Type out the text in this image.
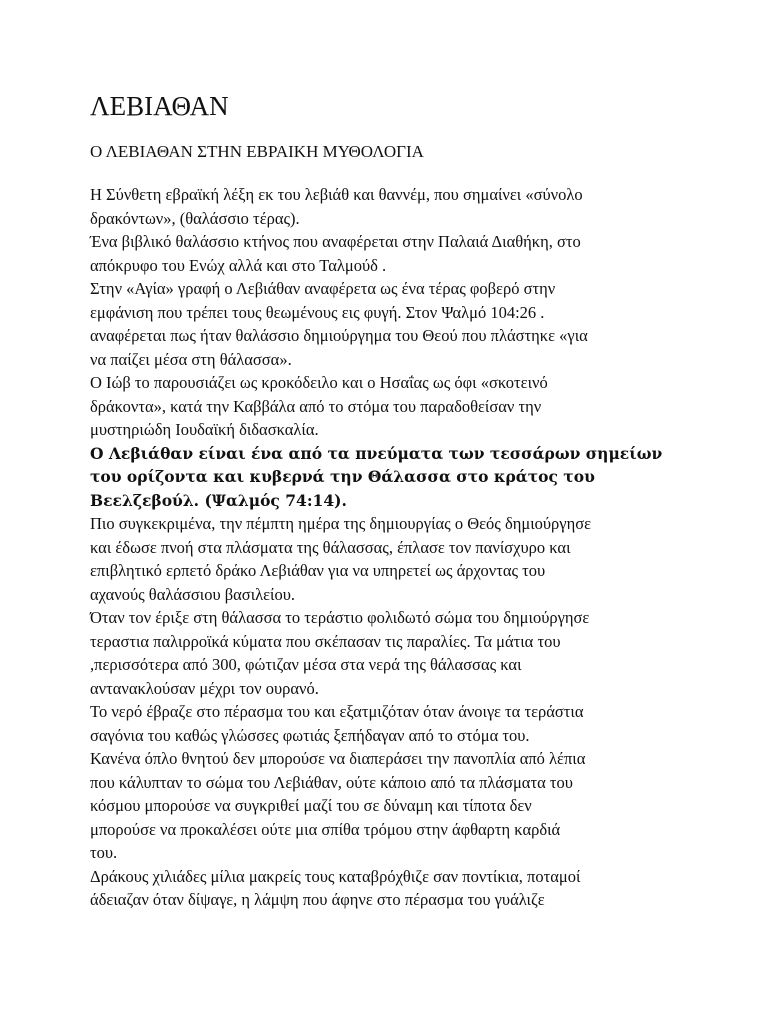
ΛΕΒΙΑΘΑΝ
Ο ΛΕΒΙΑΘΑΝ ΣΤΗΝ ΕΒΡΑΙΚΗ ΜΥΘΟΛΟΓΙΑ
Η Σύνθετη εβραϊκή λέξη εκ του λεβιάθ και θαννέμ, που σημαίνει «σύνολο
δρακόντων», (θαλάσσιο τέρας).
Ένα βιβλικό θαλάσσιο κτήνος που αναφέρεται στην Παλαιά Διαθήκη, στο
απόκρυφο του Ενώχ αλλά και στο Ταλμούδ .
Στην «Αγία» γραφή ο Λεβιάθαν αναφέρετα ως ένα τέρας φοβερό στην
εμφάνιση που τρέπει τους θεωμένους εις φυγή. Στον Ψαλμό 104:26 .
αναφέρεται πως ήταν θαλάσσιο δημιούργημα του Θεού που πλάστηκε «για
να παίζει μέσα στη θάλασσα».
Ο Ιώβ το παρουσιάζει ως κροκόδειλο και ο Ησαΐας ως όφι «σκοτεινό
δράκοντα», κατά την Καββάλα από το στόμα του παραδοθείσαν την
μυστηριώδη Ιουδαϊκή διδασκαλία.
Ο Λεβιάθαν είναι ένα από τα πνεύματα των τεσσάρων σημείων
του ορίζοντα και κυβερνά την Θάλασσα στο κράτος του
Βεελζεβούλ. (Ψαλμός 74:14).
Πιο συγκεκριμένα, την πέμπτη ημέρα της δημιουργίας ο Θεός δημιούργησε
και έδωσε πνοή στα πλάσματα της θάλασσας, έπλασε τον πανίσχυρο και
επιβλητικό ερπετό δράκο Λεβιάθαν για να υπηρετεί ως άρχοντας του
αχανούς θαλάσσιου βασιλείου.
Όταν τον έριξε στη θάλασσα το τεράστιο φολιδωτό σώμα του δημιούργησε
τεραστια παλιρροϊκά κύματα που σκέπασαν τις παραλίες. Τα μάτια του
,περισσότερα από 300, φώτιζαν μέσα στα νερά της θάλασσας και
αντανακλούσαν μέχρι τον ουρανό.
Το νερό έβραζε στο πέρασμα του και εξατμιζόταν όταν άνοιγε τα τεράστια
σαγόνια του καθώς γλώσσες φωτιάς ξεπήδαγαν από το στόμα του.
Κανένα όπλο θνητού δεν μπορούσε να διαπεράσει την πανοπλία από λέπια
που κάλυπταν το σώμα του Λεβιάθαν, ούτε κάποιο από τα πλάσματα του
κόσμου μπορούσε να συγκριθεί μαζί του σε δύναμη και τίποτα δεν
μπορούσε να προκαλέσει ούτε μια σπίθα τρόμου στην άφθαρτη καρδιά
του.
Δράκους χιλιάδες μίλια μακρείς τους καταβρόχθιζε σαν ποντίκια, ποταμοί
άδειαζαν όταν δίψαγε, η λάμψη που άφηνε στο πέρασμα του γυάλιζε
